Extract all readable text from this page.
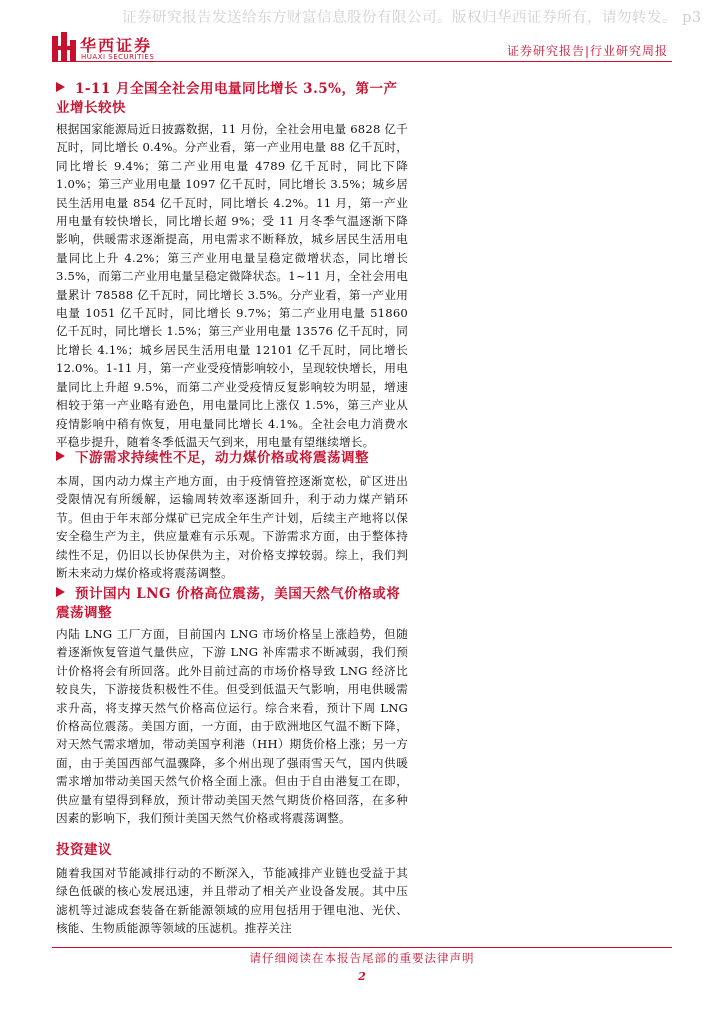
证券研究报告发送给东方财富信息股份有限公司。版权归华西证券所有，请勿转发。 p3
华西证券
HUAXI SECURITIES	证券研究报告|行业研究周报

1-11 月全国全社会用电量同比增长 3.5%，第一产业增长较快

根据国家能源局近日披露数据，11 月份，全社会用电量 6828 亿千瓦时，同比增长 0.4%。分产业看，第一产业用电量 88 亿千瓦时，同比增长 9.4%；第二产业用电量 4789 亿千瓦时，同比下降 1.0%；第三产业用电量 1097 亿千瓦时，同比增长 3.5%；城乡居民生活用电量 854 亿千瓦时，同比增长 4.2%。11 月，第一产业用电量有较快增长，同比增长超 9%；受 11 月冬季气温逐渐下降影响，供暖需求逐渐提高，用电需求不断释放，城乡居民生活用电量同比上升 4.2%；第三产业用电量呈稳定微增状态，同比增长 3.5%，而第二产业用电量呈稳定微降状态。1~11 月，全社会用电量累计 78588 亿千瓦时，同比增长 3.5%。分产业看，第一产业用电量 1051 亿千瓦时，同比增长 9.7%；第二产业用电量 51860 亿千瓦时，同比增长 1.5%；第三产业用电量 13576 亿千瓦时，同比增长 4.1%；城乡居民生活用电量 12101 亿千瓦时，同比增长 12.0%。1-11 月，第一产业受疫情影响较小，呈现较快增长，用电量同比上升超 9.5%，而第二产业受疫情反复影响较为明显，增速相较于第一产业略有逊色，用电量同比上涨仅 1.5%，第三产业从疫情影响中稍有恢复，用电量同比增长 4.1%。全社会电力消费水平稳步提升，随着冬季低温天气到来，用电量有望继续增长。

下游需求持续性不足，动力煤价格或将震荡调整

本周，国内动力煤主产地方面，由于疫情管控逐渐宽松，矿区进出受限情况有所缓解，运输周转效率逐渐回升，利于动力煤产销环节。但由于年末部分煤矿已完成全年生产计划，后续主产地将以保安全稳生产为主，供应量难有示乐观。下游需求方面，由于整体持续性不足，仍旧以长协保供为主，对价格支撑较弱。综上，我们判断未来动力煤价格或将震荡调整。

预计国内 LNG 价格高位震荡，美国天然气价格或将震荡调整

内陆 LNG 工厂方面，目前国内 LNG 市场价格呈上涨趋势，但随着逐渐恢复管道气量供应，下游 LNG 补库需求不断减弱，我们预计价格将会有所回落。此外目前过高的市场价格导致 LNG 经济比较良失，下游接货积极性不佳。但受到低温天气影响，用电供暖需求升高，将支撑天然气价格高位运行。综合来看，预计下周 LNG 价格高位震荡。美国方面，一方面，由于欧洲地区气温不断下降，对天然气需求增加，带动美国亨利港（HH）期货价格上涨；另一方面，由于美国西部气温骤降，多个州出现了强雨雪天气，国内供暖需求增加带动美国天然气价格全面上涨。但由于自由港复工在即，供应量有望得到释放，预计带动美国天然气期货价格回落，在多种因素的影响下，我们预计美国天然气价格或将震荡调整。

投资建议

随着我国对节能减排行动的不断深入，节能减排产业链也受益于其绿色低碳的核心发展迅速，并且带动了相关产业设备发展。其中压滤机等过滤成套装备在新能源领域的应用包括用于锂电池、光伏、核能、生物质能源等领域的压滤机。推荐关注

请仔细阅读在本报告尾部的重要法律声明
2
